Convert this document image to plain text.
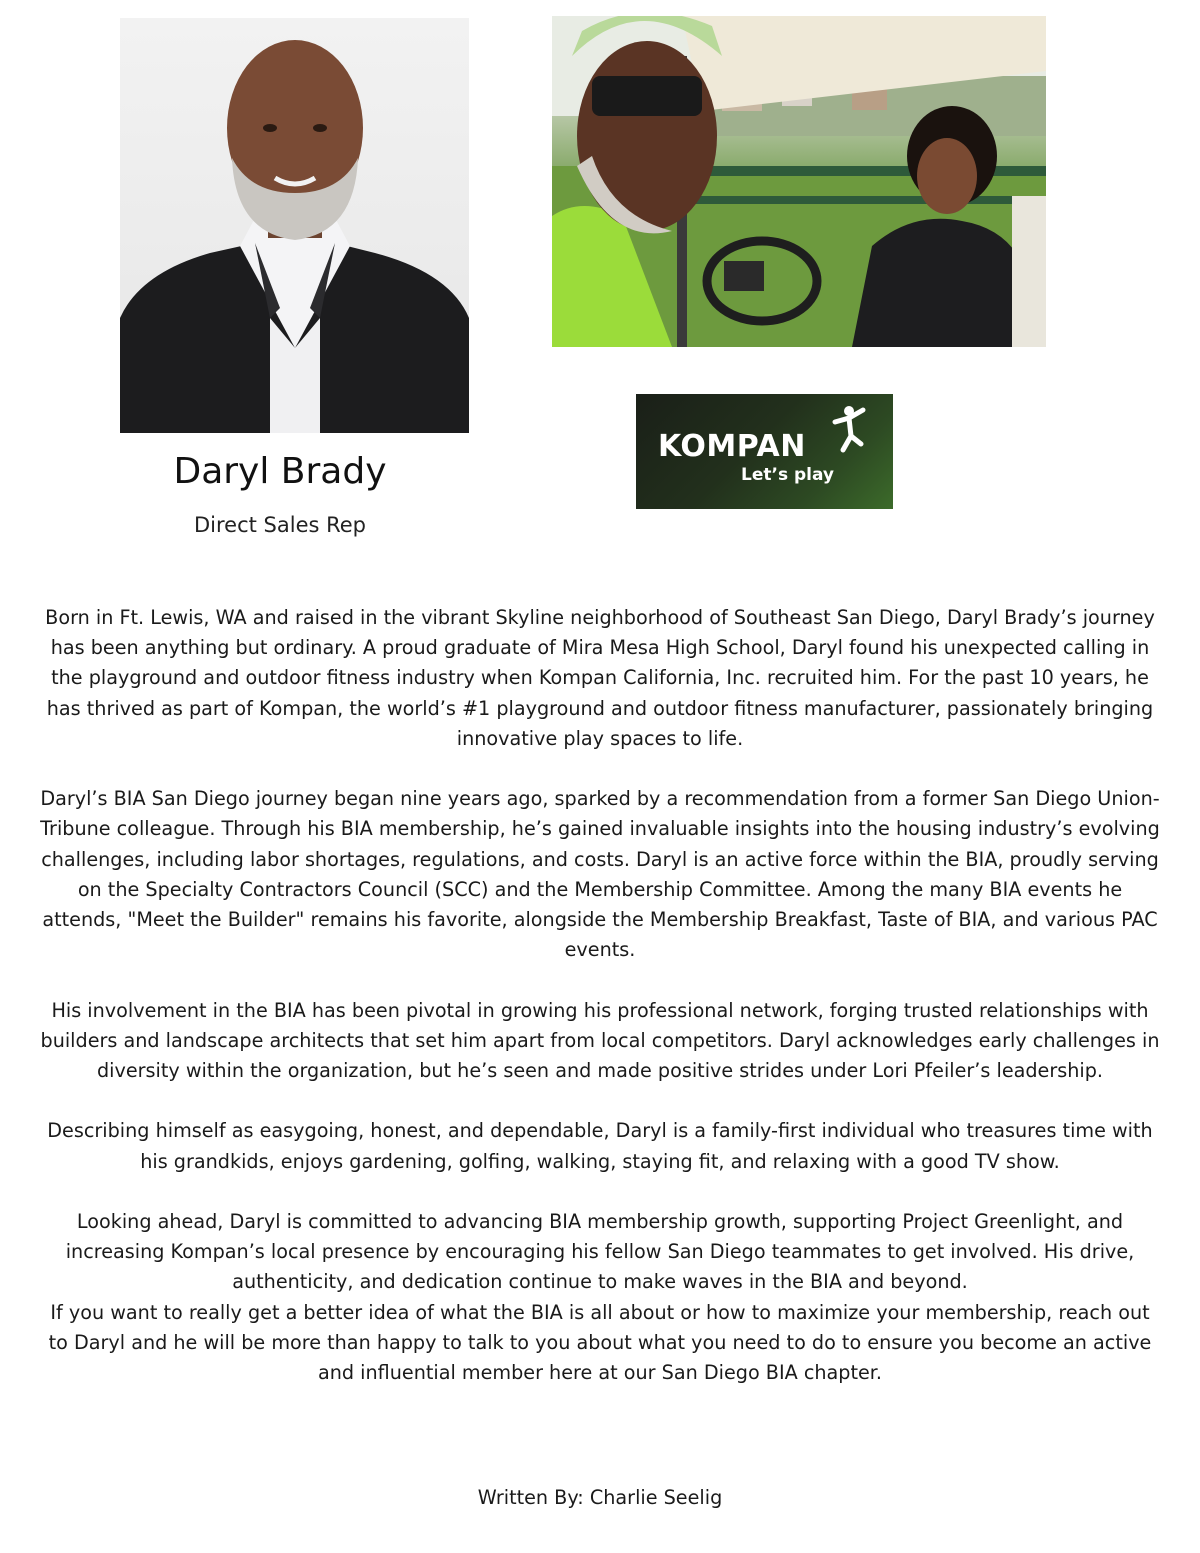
KOMPAN
Let’s play
Daryl Brady
Direct Sales Rep

Born in Ft. Lewis, WA and raised in the vibrant Skyline neighborhood of Southeast San Diego, Daryl Brady’s journey has been anything but ordinary. A proud graduate of Mira Mesa High School, Daryl found his unexpected calling in the playground and outdoor fitness industry when Kompan California, Inc. recruited him. For the past 10 years, he has thrived as part of Kompan, the world’s #1 playground and outdoor fitness manufacturer, passionately bringing innovative play spaces to life.

Daryl’s BIA San Diego journey began nine years ago, sparked by a recommendation from a former San Diego Union-Tribune colleague. Through his BIA membership, he’s gained invaluable insights into the housing industry’s evolving challenges, including labor shortages, regulations, and costs. Daryl is an active force within the BIA, proudly serving on the Specialty Contractors Council (SCC) and the Membership Committee. Among the many BIA events he attends, "Meet the Builder" remains his favorite, alongside the Membership Breakfast, Taste of BIA, and various PAC events.

His involvement in the BIA has been pivotal in growing his professional network, forging trusted relationships with builders and landscape architects that set him apart from local competitors. Daryl acknowledges early challenges in diversity within the organization, but he’s seen and made positive strides under Lori Pfeiler’s leadership.

Describing himself as easygoing, honest, and dependable, Daryl is a family-first individual who treasures time with his grandkids, enjoys gardening, golfing, walking, staying fit, and relaxing with a good TV show.

Looking ahead, Daryl is committed to advancing BIA membership growth, supporting Project Greenlight, and increasing Kompan’s local presence by encouraging his fellow San Diego teammates to get involved. His drive, authenticity, and dedication continue to make waves in the BIA and beyond.

If you want to really get a better idea of what the BIA is all about or how to maximize your membership, reach out to Daryl and he will be more than happy to talk to you about what you need to do to ensure you become an active and influential member here at our San Diego BIA chapter.

Written By: Charlie Seelig
